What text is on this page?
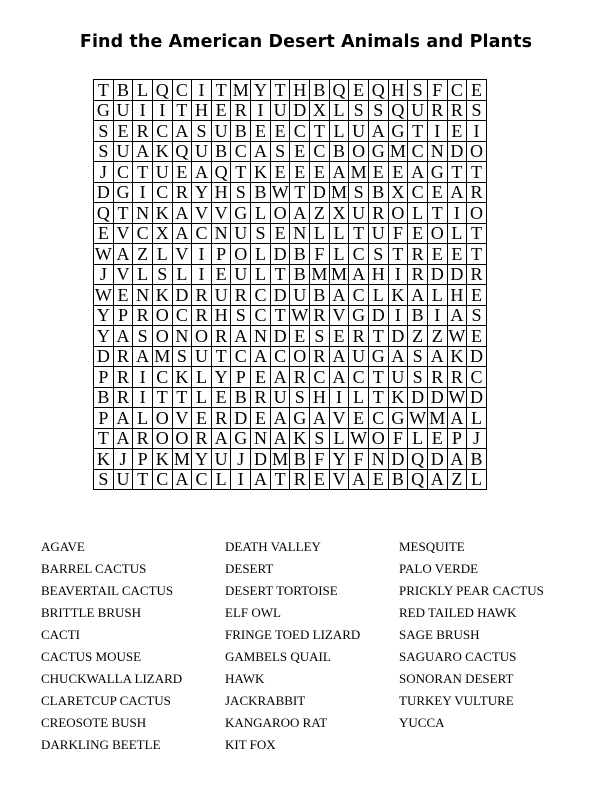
Find the American Desert Animals and Plants
T B L Q C I T M Y T H B Q E Q H S F C E
G U I I T H E R I U D X L S S Q U R R S
S E R C A S U B E E C T L U A G T I E I
S U A K Q U B C A S E C B O G M C N D O
J C T U E A Q T K E E E A M E E A G T T
D G I C R Y H S B W T D M S B X C E A R
Q T N K A V V G L O A Z X U R O L T I O
E V C X A C N U S E N L L T U F E O L T
W A Z L V I P O L D B F L C S T R E E T
J V L S L I E U L T B M M A H I R D D R
W E N K D R U R C D U B A C L K A L H E
Y P R O C R H S C T W R V G D I B I A S
Y A S O N O R A N D E S E R T D Z Z W E
D R A M S U T C A C O R A U G A S A K D
P R I C K L Y P E A R C A C T U S R R C
B R I T T L E B R U S H I L T K D D W D
P A L O V E R D E A G A V E C G W M A L
T A R O O R A G N A K S L W O F L E P J
K J P K M Y U J D M B F Y F N D Q D A B
S U T C A C L I A T R E V A E B Q A Z L
AGAVE
BARREL CACTUS
BEAVERTAIL CACTUS
BRITTLE BRUSH
CACTI
CACTUS MOUSE
CHUCKWALLA LIZARD
CLARETCUP CACTUS
CREOSOTE BUSH
DARKLING BEETLE
DEATH VALLEY
DESERT
DESERT TORTOISE
ELF OWL
FRINGE TOED LIZARD
GAMBELS QUAIL
HAWK
JACKRABBIT
KANGAROO RAT
KIT FOX
MESQUITE
PALO VERDE
PRICKLY PEAR CACTUS
RED TAILED HAWK
SAGE BRUSH
SAGUARO CACTUS
SONORAN DESERT
TURKEY VULTURE
YUCCA
